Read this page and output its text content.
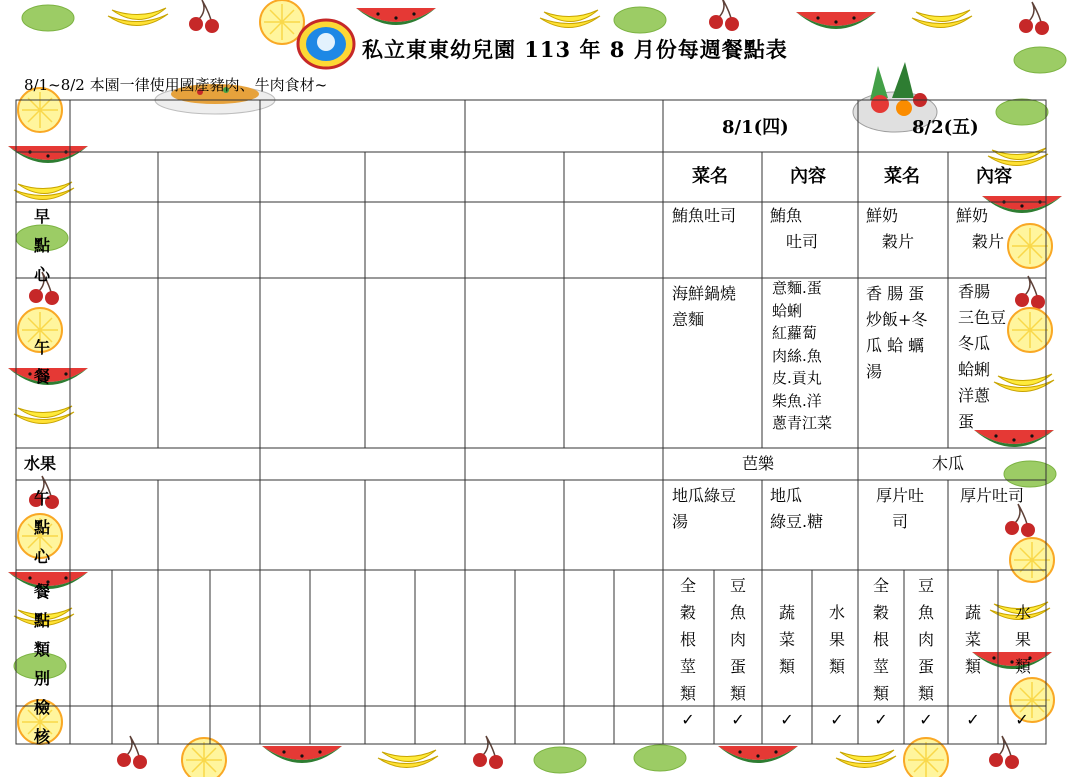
私立東東幼兒園 113 年 8 月份每週餐點表
8/1~8/2 本園一律使用國產豬肉、牛肉食材~
早
點
心
午
餐
水果
午
點
心
餐
點
類
別
檢
核
8/1(四)
菜名	內容
鮪魚吐司 鮪魚
　吐司
海鮮鍋燒
意麵
意麵.蛋
蛤蜊
紅蘿蔔
肉絲.魚
皮.貢丸
柴魚.洋
蔥青江菜
芭樂
地瓜綠豆
湯
地瓜
綠豆.糖
8/2(五)
菜名	內容
鮮奶
　穀片
鮮奶
　穀片
香 腸 蛋
炒飯+冬
瓜 蛤 蠣
湯
香腸
三色豆
冬瓜
蛤蜊
洋蔥
蛋
木瓜
厚片吐
　司
厚片吐司
全
穀
根
莖
類
豆
魚
肉
蛋
類
蔬
菜
類
水
果
類
全
穀
根
莖
類
豆
魚
肉
蛋
類
蔬
菜
類
水
果
類
✓ ✓ ✓ ✓ ✓ ✓ ✓ ✓
